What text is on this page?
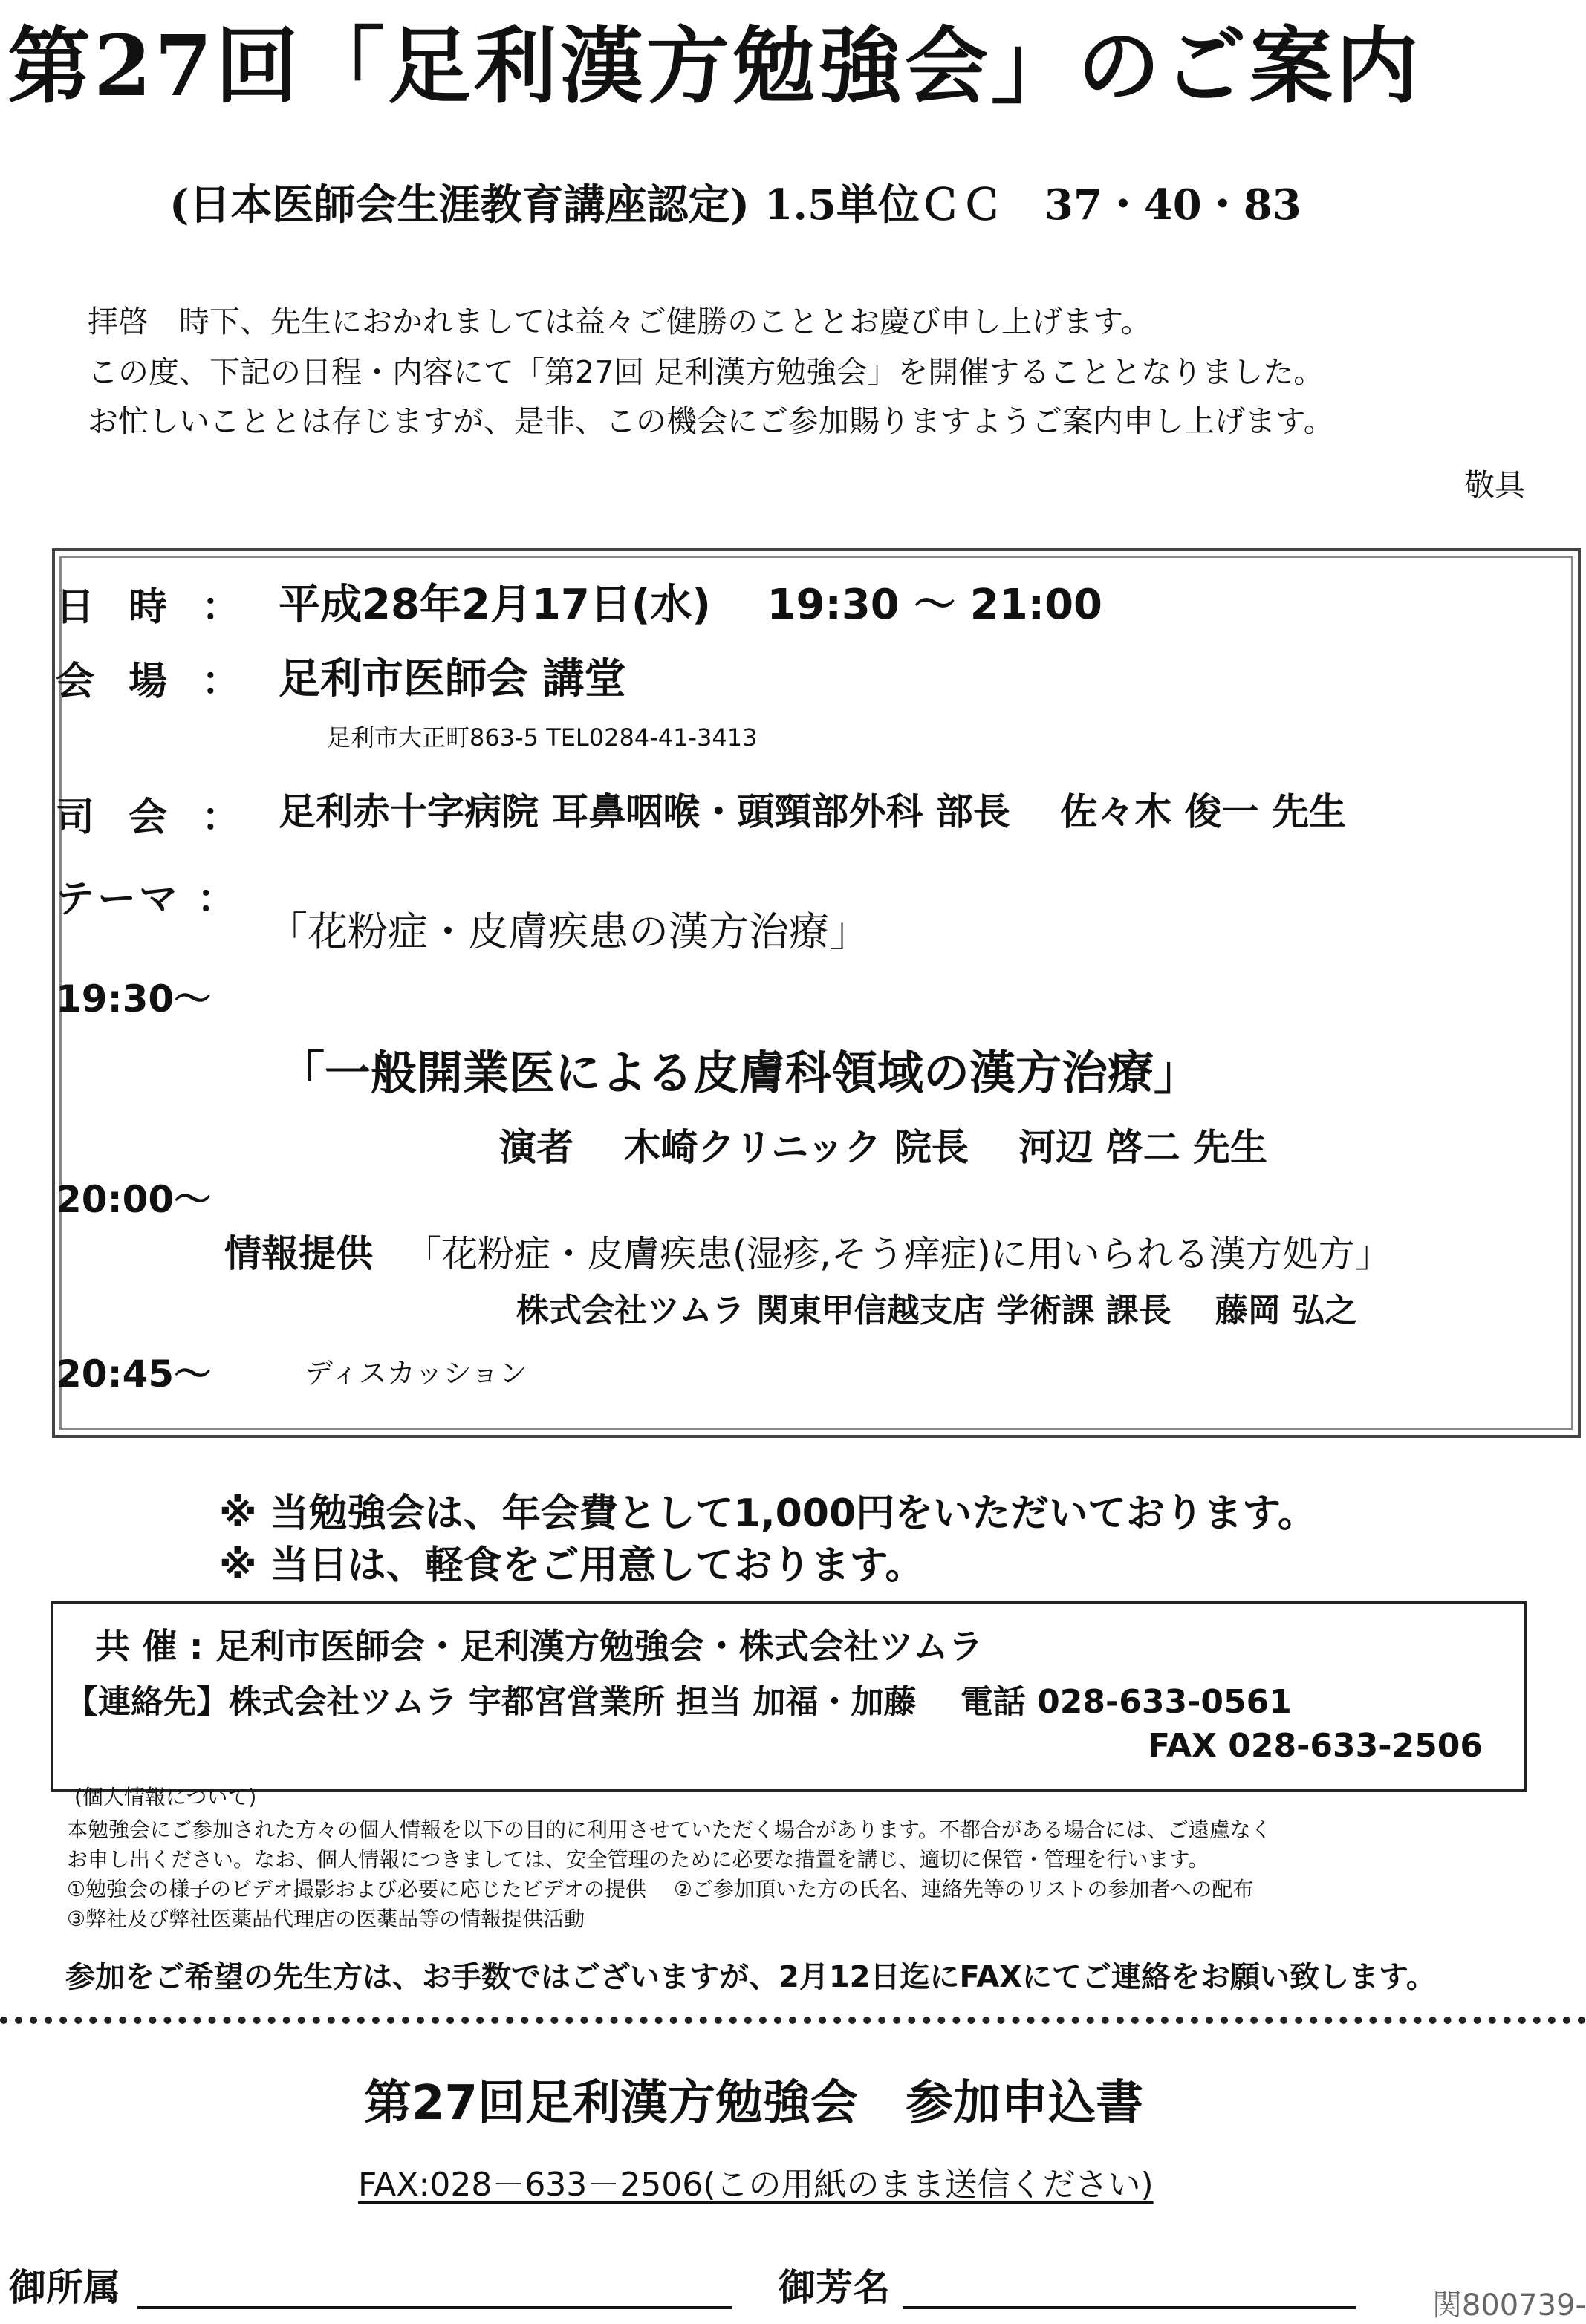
第27回「足利漢方勉強会」のご案内
(日本医師会生涯教育講座認定) 1.5単位ＣＣ　37・40・83
拝啓　時下、先生におかれましては益々ご健勝のこととお慶び申し上げます。
この度、下記の日程・内容にて「第27回 足利漢方勉強会」を開催することとなりました。
お忙しいこととは存じますが、是非、この機会にご参加賜りますようご案内申し上げます。
敬具
日 時 ： 平成28年2月17日(水)　 19:30 ～ 21:00
会 場 ： 足利市医師会 講堂
足利市大正町863-5 TEL0284-41-3413
司 会 ： 足利赤十字病院 耳鼻咽喉・頭頸部外科 部長　 佐々木 俊一 先生
テーマ ：
「花粉症・皮膚疾患の漢方治療」
19:30～
「一般開業医による皮膚科領域の漢方治療」
演者　 木崎クリニック 院長　 河辺 啓二 先生
20:00～
情報提供 「花粉症・皮膚疾患(湿疹,そう痒症)に用いられる漢方処方」
株式会社ツムラ 関東甲信越支店 学術課 課長　 藤岡 弘之
20:45～	ディスカッション
※ 当勉強会は、年会費として1,000円をいただいております。
※ 当日は、軽食をご用意しております。
共 催 : 足利市医師会・足利漢方勉強会・株式会社ツムラ
【連絡先】株式会社ツムラ 宇都宮営業所 担当 加福・加藤　 電話 028-633-0561
FAX 028-633-2506
(個人情報について)
本勉強会にご参加された方々の個人情報を以下の目的に利用させていただく場合があります。不都合がある場合には、ご遠慮なく
お申し出ください。なお、個人情報につきましては、安全管理のために必要な措置を講じ、適切に保管・管理を行います。
①勉強会の様子のビデオ撮影および必要に応じたビデオの提供　 ②ご参加頂いた方の氏名、連絡先等のリストの参加者への配布
③弊社及び弊社医薬品代理店の医薬品等の情報提供活動
参加をご希望の先生方は、お手数ではございますが、2月12日迄にFAXにてご連絡をお願い致します。
第27回足利漢方勉強会　参加申込書
FAX:028－633－2506(この用紙のまま送信ください)
御所属	御芳名	関800739-
